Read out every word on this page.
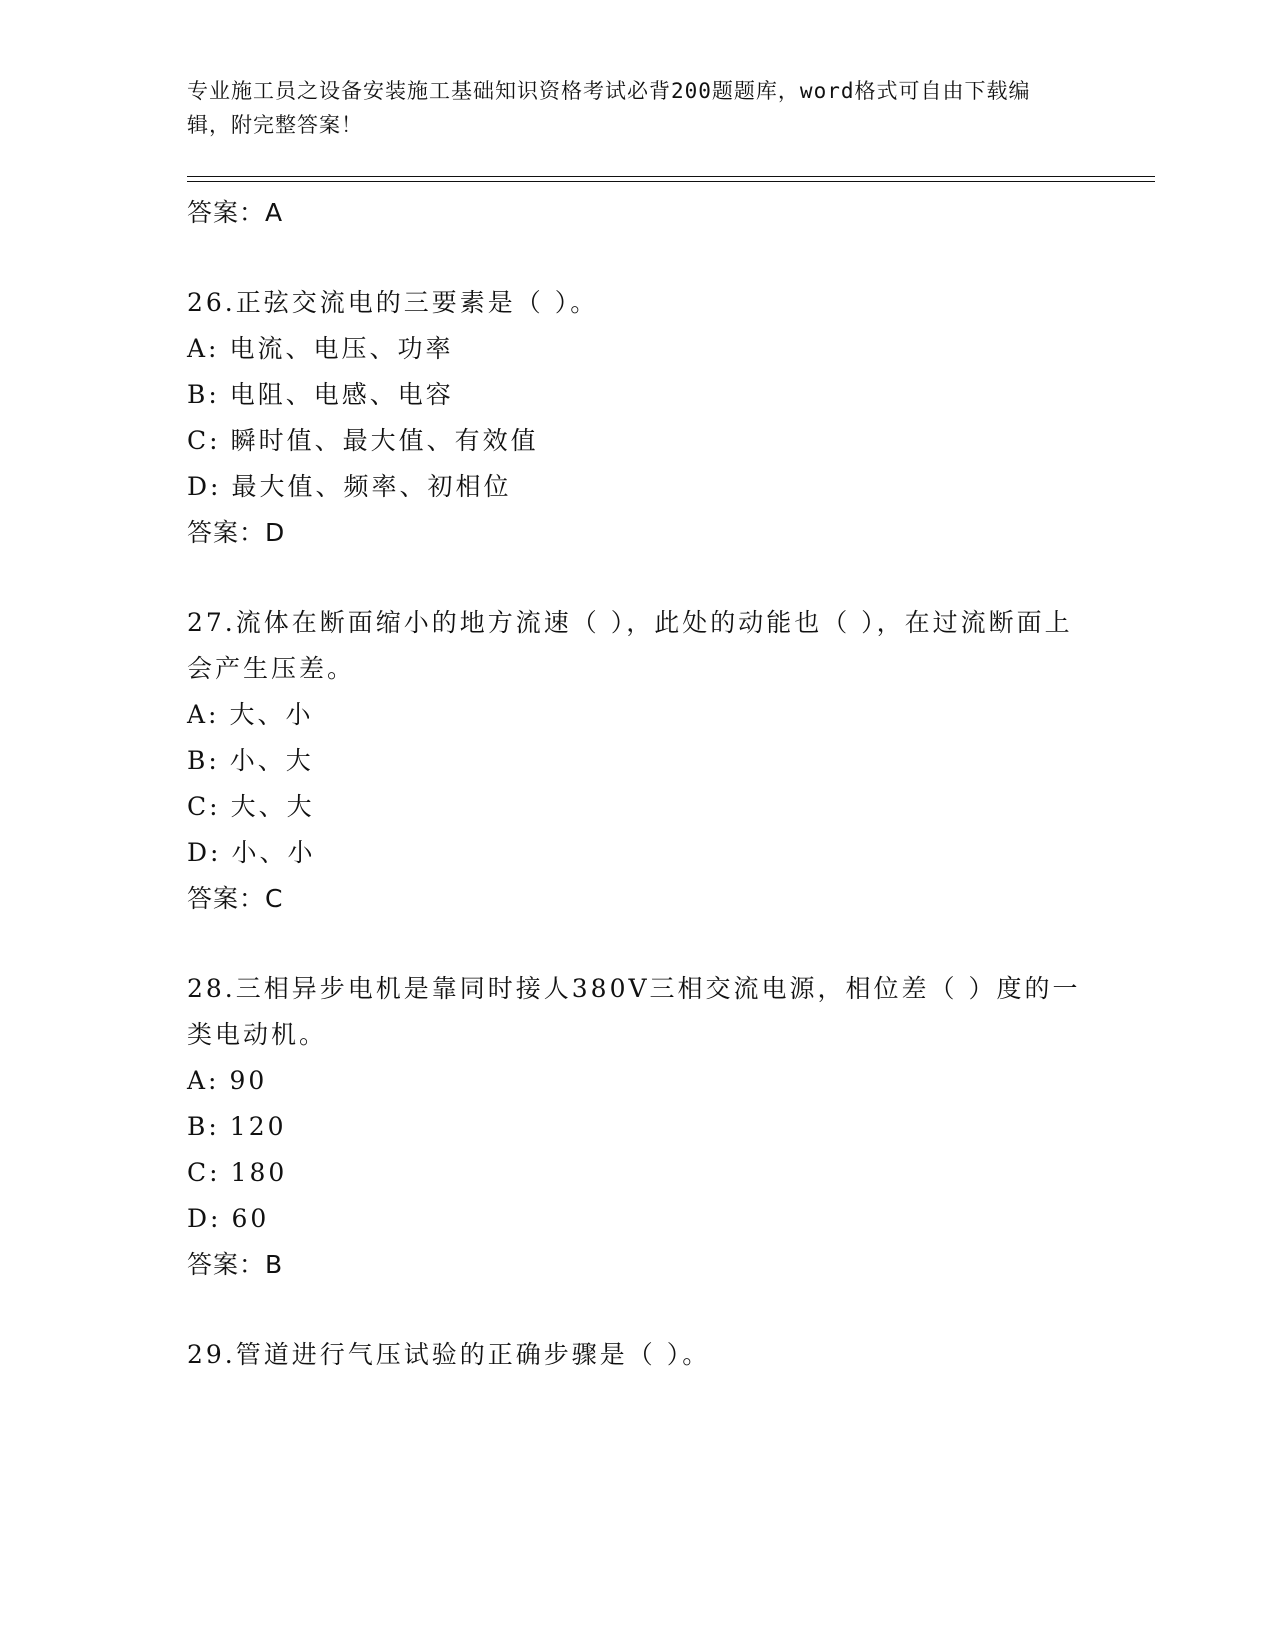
专业施工员之设备安装施工基础知识资格考试必背200题题库，word格式可自由下载编辑，附完整答案！
答案：A
26.正弦交流电的三要素是（ ）。
A: 电流、电压、功率
B: 电阻、电感、电容
C: 瞬时值、最大值、有效值
D: 最大值、频率、初相位
答案：D
27.流体在断面缩小的地方流速（ ），此处的动能也（ ），在过流断面上会产生压差。
A: 大、小
B: 小、大
C: 大、大
D: 小、小
答案：C
28.三相异步电机是靠同时接人380V三相交流电源，相位差（ ）度的一类电动机。
A: 90
B: 120
C: 180
D: 60
答案：B
29.管道进行气压试验的正确步骤是（ ）。
